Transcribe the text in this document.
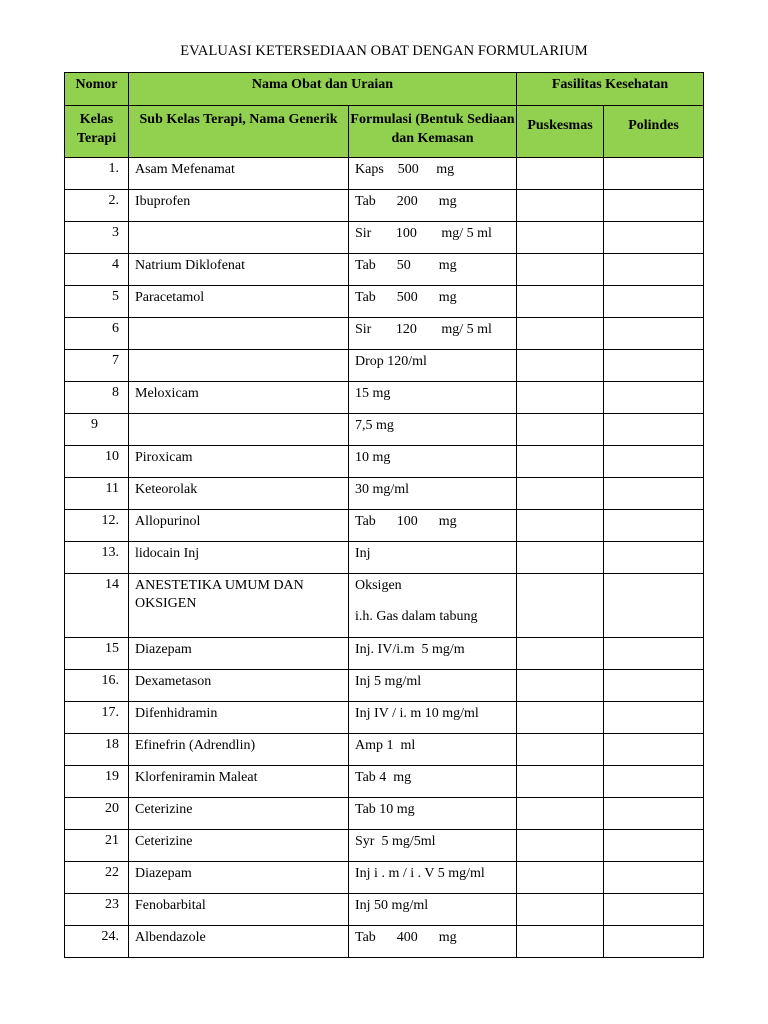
EVALUASI KETERSEDIAAN OBAT DENGAN FORMULARIUM
Nomor	Nama Obat dan Uraian		Fasilitas Kesehatan	

Kelas Terapi	Sub Kelas Terapi, Nama Generik	Formulasi (Bentuk Sediaan dan Kemasan	Puskesmas	Polindes

1.	Asam Mefenamat	Kaps    500     mg		

2.	Ibuprofen	Tab      200      mg		

3		Sir       100       mg/ 5 ml		

4	Natrium Diklofenat	Tab      50        mg		

5	Paracetamol	Tab      500      mg		

6		Sir       120       mg/ 5 ml		

7		Drop 120/ml		

8	Meloxicam	15 mg		

9		7,5 mg		

10	Piroxicam	10 mg		

11	Keteorolak	30 mg/ml		

12.	Allopurinol	Tab      100      mg		

13.	lidocain Inj	Inj		

14	ANESTETIKA UMUM DAN OKSIGEN	Oksigen
i.h. Gas dalam tabung		

15	Diazepam	Inj. IV/i.m  5 mg/m		

16.	Dexametason	Inj 5 mg/ml		

17.	Difenhidramin	Inj IV / i. m 10 mg/ml		

18	Efinefrin (Adrendlin)	Amp 1  ml		

19	Klorfeniramin Maleat	Tab 4  mg		

20	Ceterizine	Tab 10 mg		

21	Ceterizine	Syr  5 mg/5ml		

22	Diazepam	Inj i . m / i . V 5 mg/ml		

23	Fenobarbital	Inj 50 mg/ml		

24.	Albendazole	Tab      400      mg		
